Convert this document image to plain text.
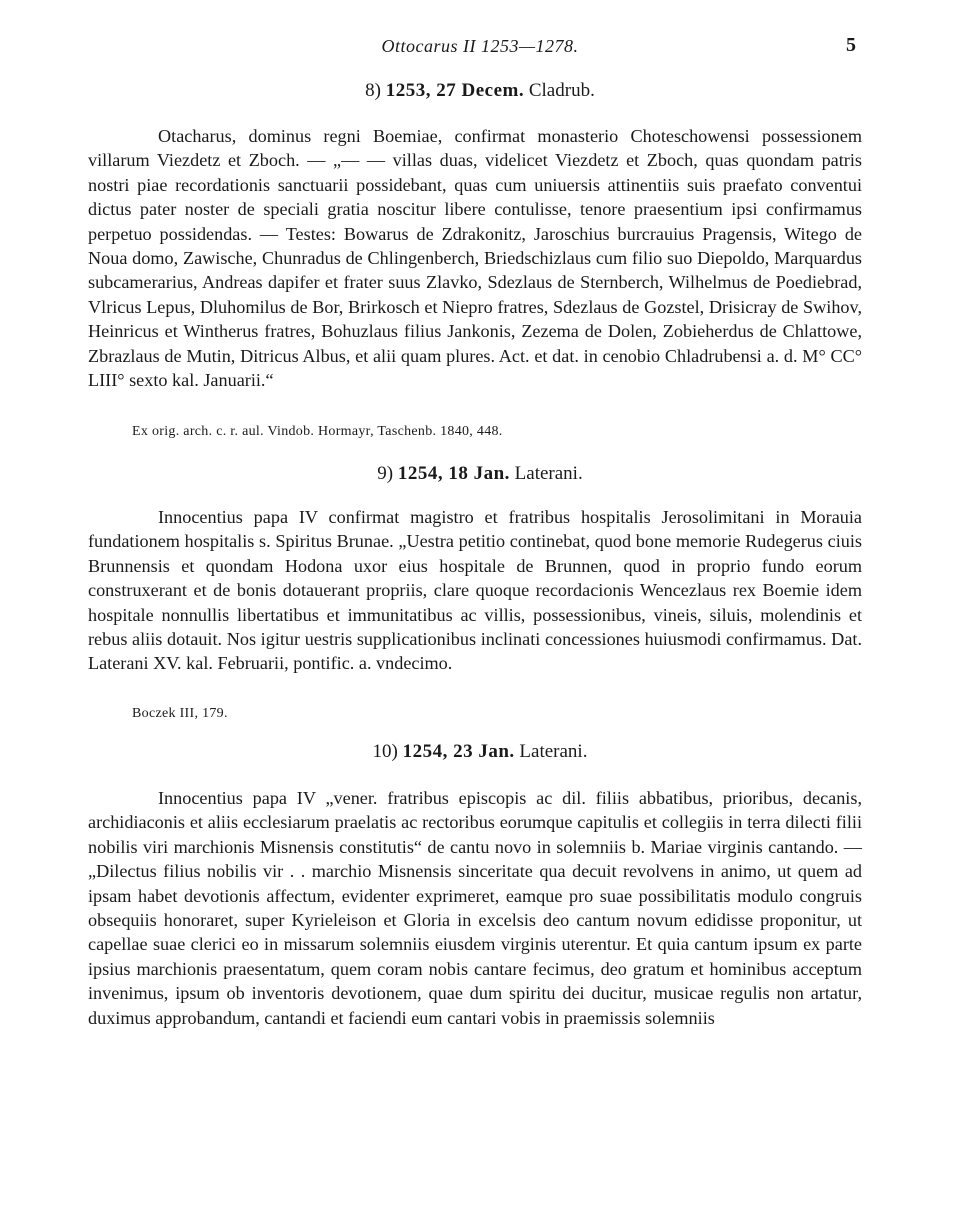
Ottocarus II 1253—1278.	5
8) 1253, 27 Decem. Cladrub.

Otacharus, dominus regni Boemiae, confirmat monasterio Choteschowensi possessionem villarum Viezdetz et Zboch. — „— — villas duas, videlicet Viezdetz et Zboch, quas quondam patris nostri piae recordationis sanctuarii possidebant, quas cum uniuersis attinentiis suis praefato conventui dictus pater noster de speciali gratia noscitur libere contulisse, tenore praesentium ipsi confirmamus perpetuo possidendas. — Testes: Bowarus de Zdrakonitz, Jaroschius burcrauius Pragensis, Witego de Noua domo, Zawische, Chunradus de Chlingenberch, Briedschizlaus cum filio suo Diepoldo, Marquardus subcamerarius, Andreas dapifer et frater suus Zlavko, Sdezlaus de Sternberch, Wilhelmus de Poediebrad, Vlricus Lepus, Dluhomilus de Bor, Brirkosch et Niepro fratres, Sdezlaus de Gozstel, Drisicray de Swihov, Heinricus et Wintherus fratres, Bohuzlaus filius Jankonis, Zezema de Dolen, Zobieherdus de Chlattowe, Zbrazlaus de Mutin, Ditricus Albus, et alii quam plures. Act. et dat. in cenobio Chladrubensi a. d. M° CC° LIII° sexto kal. Januarii.“

Ex orig. arch. c. r. aul. Vindob. Hormayr, Taschenb. 1840, 448.
9) 1254, 18 Jan. Laterani.

Innocentius papa IV confirmat magistro et fratribus hospitalis Jerosolimitani in Morauia fundationem hospitalis s. Spiritus Brunae. „Uestra petitio continebat, quod bone memorie Rudegerus ciuis Brunnensis et quondam Hodona uxor eius hospitale de Brunnen, quod in proprio fundo eorum construxerant et de bonis dotauerant propriis, clare quoque recordacionis Wencezlaus rex Boemie idem hospitale nonnullis libertatibus et immunitatibus ac villis, possessionibus, vineis, siluis, molendinis et rebus aliis dotauit. Nos igitur uestris supplicationibus inclinati concessiones huiusmodi confirmamus. Dat. Laterani XV. kal. Februarii, pontific. a. vndecimo.

Boczek III, 179.
10) 1254, 23 Jan. Laterani.

Innocentius papa IV „vener. fratribus episcopis ac dil. filiis abbatibus, prioribus, decanis, archidiaconis et aliis ecclesiarum praelatis ac rectoribus eorumque capitulis et collegiis in terra dilecti filii nobilis viri marchionis Misnensis constitutis“ de cantu novo in solemniis b. Mariae virginis cantando. — „Dilectus filius nobilis vir . . marchio Misnensis sinceritate qua decuit revolvens in animo, ut quem ad ipsam habet devotionis affectum, evidenter exprimeret, eamque pro suae possibilitatis modulo congruis obsequiis honoraret, super Kyrieleison et Gloria in excelsis deo cantum novum edidisse proponitur, ut capellae suae clerici eo in missarum solemniis eiusdem virginis uterentur. Et quia cantum ipsum ex parte ipsius marchionis praesentatum, quem coram nobis cantare fecimus, deo gratum et hominibus acceptum invenimus, ipsum ob inventoris devotionem, quae dum spiritu dei ducitur, musicae regulis non artatur, duximus approbandum, cantandi et faciendi eum cantari vobis in praemissis solemniis
